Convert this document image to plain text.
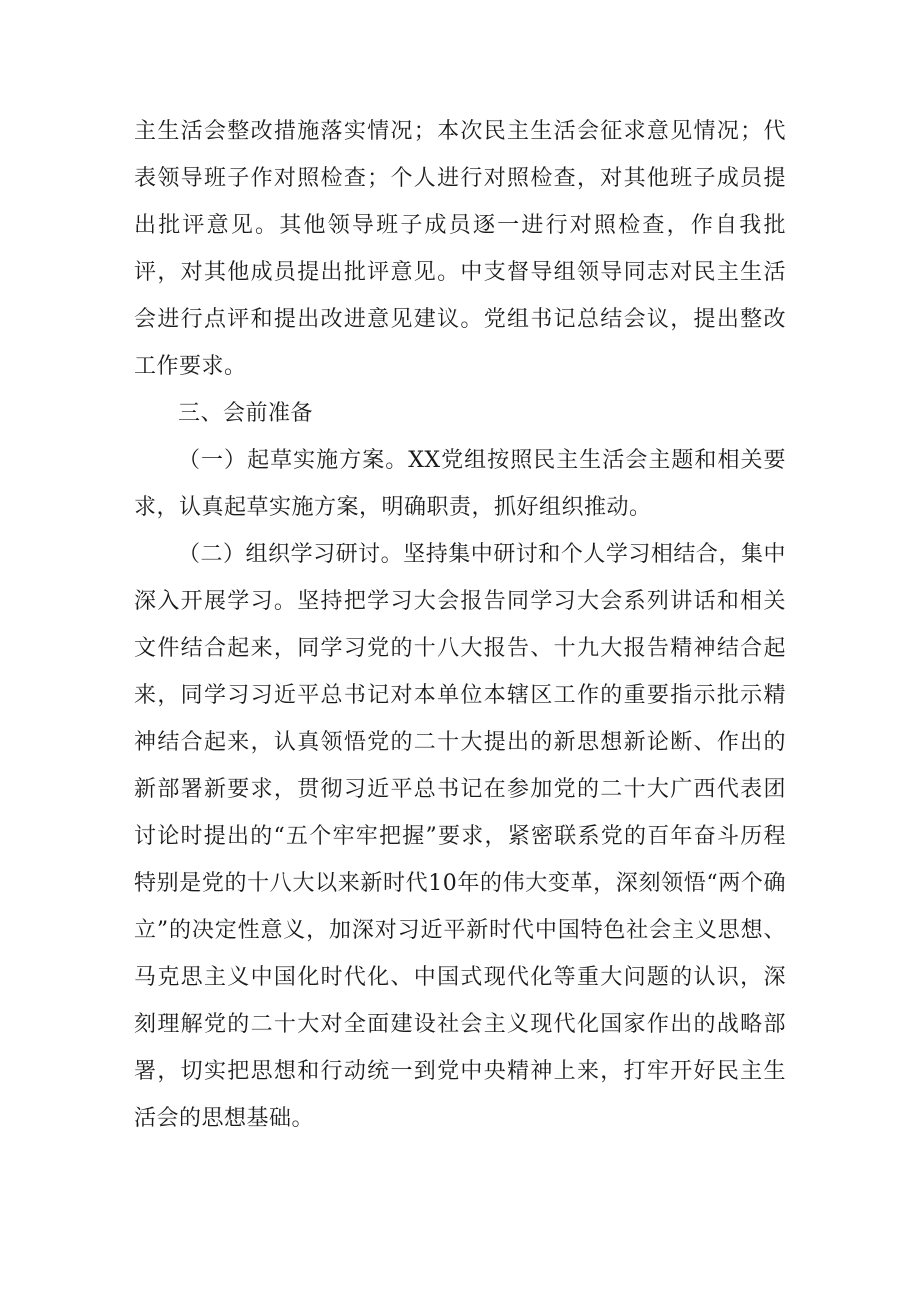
主生活会整改措施落实情况；本次民主生活会征求意见情况；代表领导班子作对照检查；个人进行对照检查，对其他班子成员提出批评意见。其他领导班子成员逐一进行对照检查，作自我批评，对其他成员提出批评意见。中支督导组领导同志对民主生活会进行点评和提出改进意见建议。党组书记总结会议，提出整改工作要求。

三、会前准备

（一）起草实施方案。XX党组按照民主生活会主题和相关要求，认真起草实施方案，明确职责，抓好组织推动。

（二）组织学习研讨。坚持集中研讨和个人学习相结合，集中深入开展学习。坚持把学习大会报告同学习大会系列讲话和相关文件结合起来，同学习党的十八大报告、十九大报告精神结合起来，同学习习近平总书记对本单位本辖区工作的重要指示批示精神结合起来，认真领悟党的二十大提出的新思想新论断、作出的新部署新要求，贯彻习近平总书记在参加党的二十大广西代表团讨论时提出的“五个牢牢把握”要求，紧密联系党的百年奋斗历程特别是党的十八大以来新时代10年的伟大变革，深刻领悟“两个确立”的决定性意义，加深对习近平新时代中国特色社会主义思想、马克思主义中国化时代化、中国式现代化等重大问题的认识，深刻理解党的二十大对全面建设社会主义现代化国家作出的战略部署，切实把思想和行动统一到党中央精神上来，打牢开好民主生活会的思想基础。
